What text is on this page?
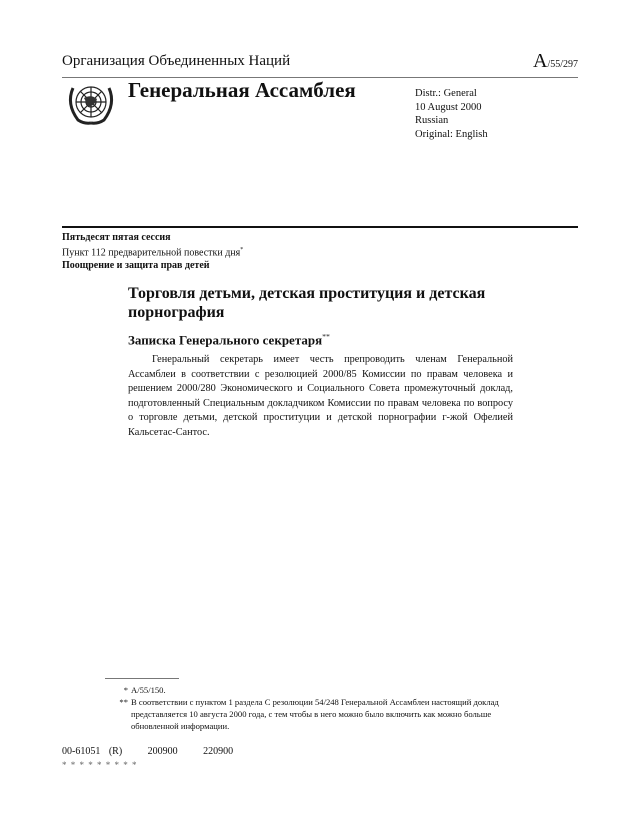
Организация Объединенных Наций	A/55/297
Генеральная Ассамблея	Distr.: General
10 August 2000
Russian
Original: English
Пятьдесят пятая сессия
Пункт 112 предварительной повестки дня*
Поощрение и защита прав детей
Торговля детьми, детская проституция и детская порнография
Записка Генерального секретаря**
Генеральный секретарь имеет честь препроводить членам Генеральной Ассамблеи в соответствии с резолюцией 2000/85 Комиссии по правам человека и решением 2000/280 Экономического и Социального Совета промежуточный доклад, подготовленный Специальным докладчиком Комиссии по правам человека по вопросу о торговле детьми, детской проституции и детской порнографии г-жой Офелией Кальсетас-Сантос.
* A/55/150.
** В соответствии с пунктом 1 раздела C резолюции 54/248 Генеральной Ассамблеи настоящий доклад представляется 10 августа 2000 года, с тем чтобы в него можно было включить как можно больше обновленной информации.
00-61051 (R)   200900   220900
* * * * * * * * *
